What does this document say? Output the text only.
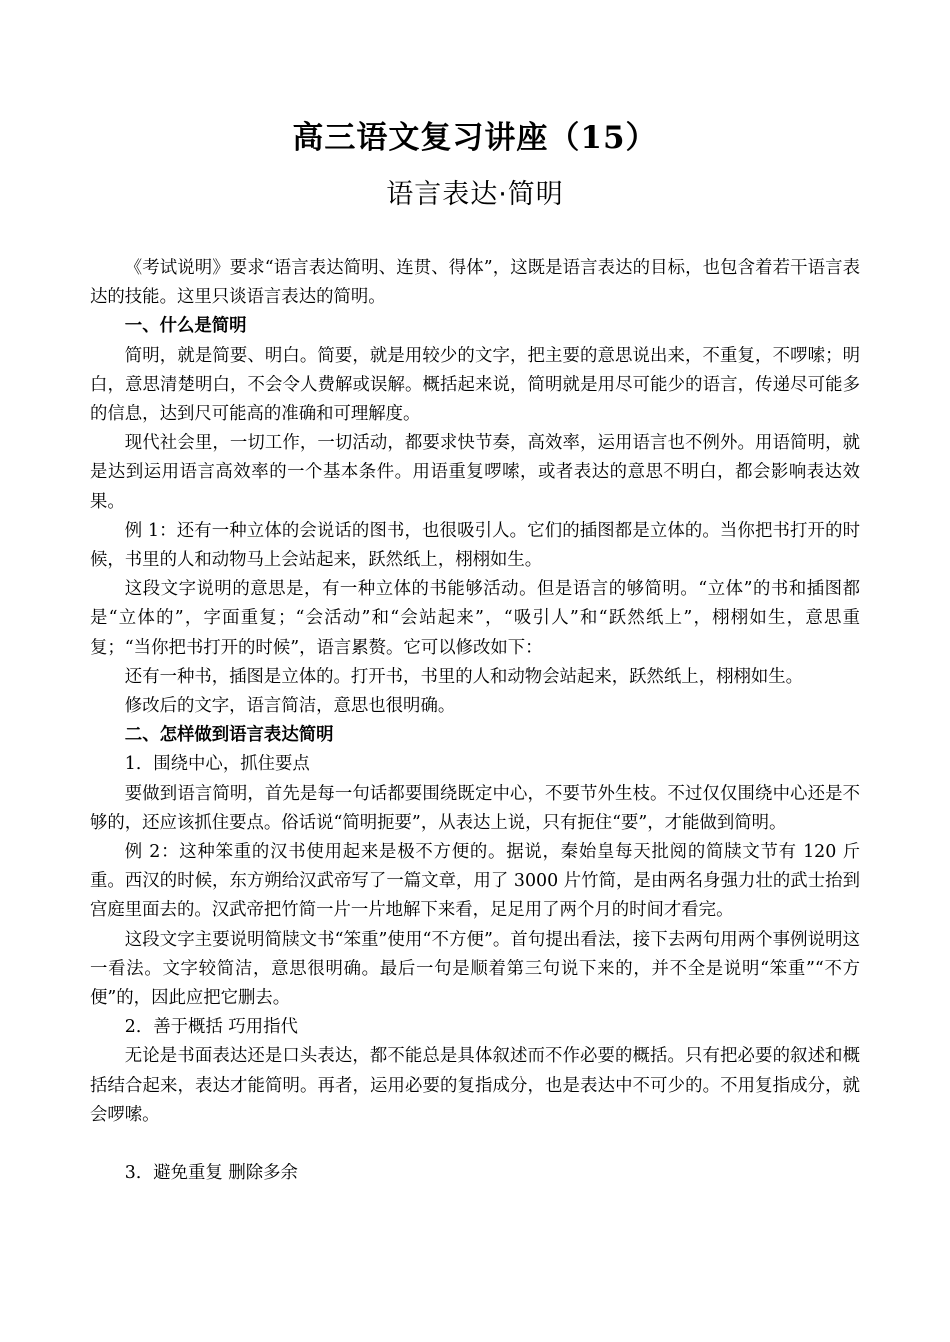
高三语文复习讲座（15）
语言表达·简明

《考试说明》要求“语言表达简明、连贯、得体”，这既是语言表达的目标，也包含着若干语言表达的技能。这里只谈语言表达的简明。

一、什么是简明

简明，就是简要、明白。简要，就是用较少的文字，把主要的意思说出来，不重复，不啰嗦；明白，意思清楚明白，不会令人费解或误解。概括起来说，简明就是用尽可能少的语言，传递尽可能多的信息，达到尺可能高的准确和可理解度。

现代社会里，一切工作，一切活动，都要求快节奏，高效率，运用语言也不例外。用语简明，就是达到运用语言高效率的一个基本条件。用语重复啰嗦，或者表达的意思不明白，都会影响表达效果。

例 1：还有一种立体的会说话的图书，也很吸引人。它们的插图都是立体的。当你把书打开的时候，书里的人和动物马上会站起来，跃然纸上，栩栩如生。

这段文字说明的意思是，有一种立体的书能够活动。但是语言的够简明。“立体”的书和插图都是“立体的”，字面重复；“会活动”和“会站起来”，“吸引人”和“跃然纸上”，栩栩如生，意思重复；“当你把书打开的时候”，语言累赘。它可以修改如下：

还有一种书，插图是立体的。打开书，书里的人和动物会站起来，跃然纸上，栩栩如生。

修改后的文字，语言简洁，意思也很明确。

二、怎样做到语言表达简明

1．围绕中心，抓住要点

要做到语言简明，首先是每一句话都要围绕既定中心，不要节外生枝。不过仅仅围绕中心还是不够的，还应该抓住要点。俗话说“简明扼要”，从表达上说，只有扼住“要”，才能做到简明。

例 2：这种笨重的汉书使用起来是极不方便的。据说，秦始皇每天批阅的简牍文节有 120 斤重。西汉的时候，东方朔给汉武帝写了一篇文章，用了 3000 片竹简，是由两名身强力壮的武士抬到宫庭里面去的。汉武帝把竹简一片一片地解下来看，足足用了两个月的时间才看完。

这段文字主要说明简牍文书“笨重”使用“不方便”。首句提出看法，接下去两句用两个事例说明这一看法。文字较简洁，意思很明确。最后一句是顺着第三句说下来的，并不全是说明“笨重”“不方便”的，因此应把它删去。

2．善于概括 巧用指代

无论是书面表达还是口头表达，都不能总是具体叙述而不作必要的概括。只有把必要的叙述和概括结合起来，表达才能简明。再者，运用必要的复指成分，也是表达中不可少的。不用复指成分，就会啰嗦。

3．避免重复 删除多余
